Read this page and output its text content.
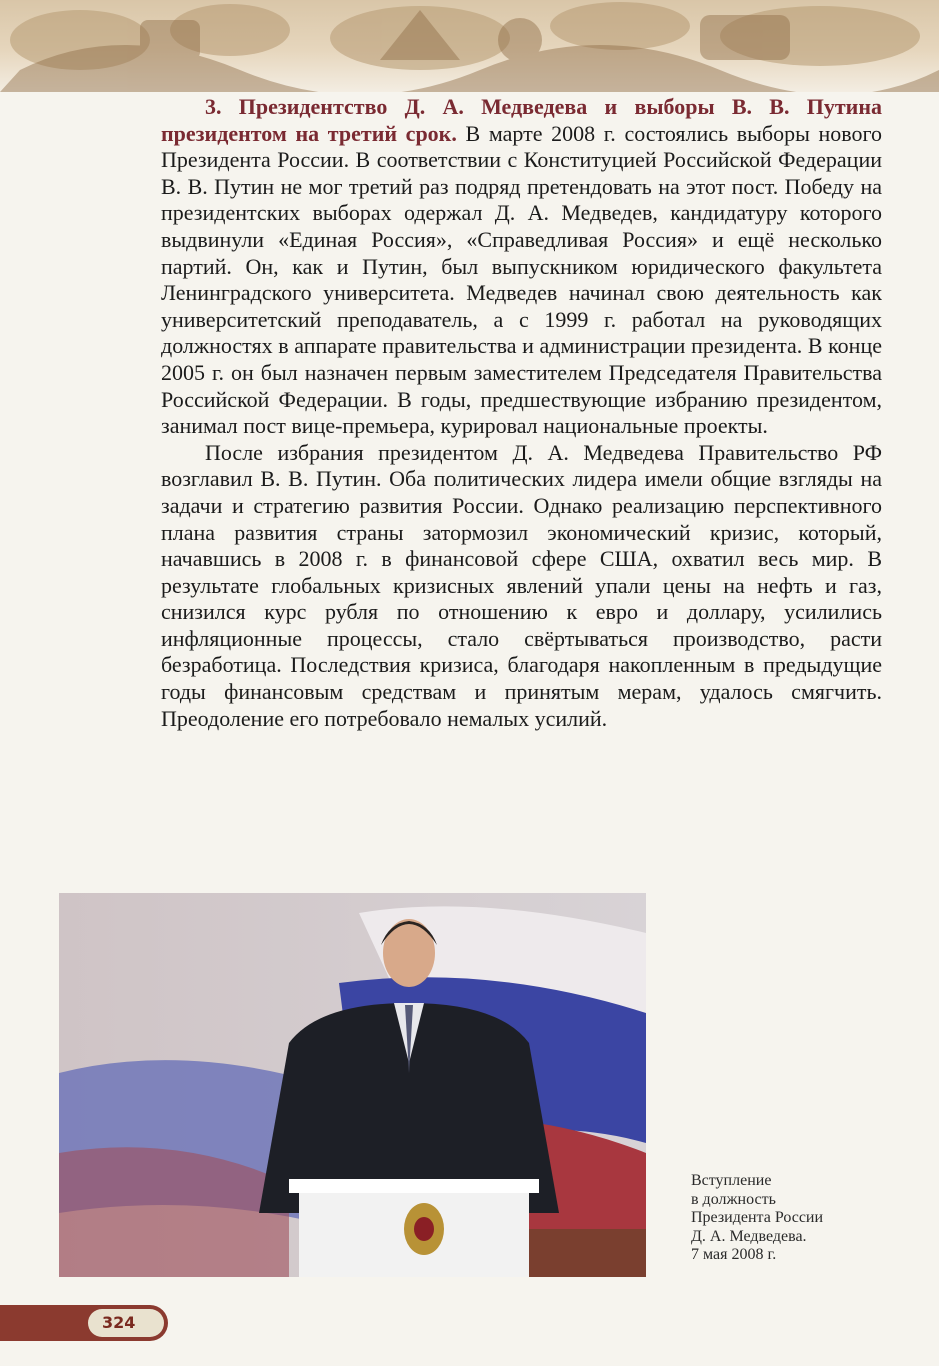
3. Президентство Д. А. Медведева и выборы В. В. Путина президентом на третий срок. В марте 2008 г. состоялись выборы нового Президента России. В соответствии с Конституцией Российской Федерации В. В. Путин не мог третий раз подряд претендовать на этот пост. Победу на президентских выборах одержал Д. А. Медведев, кандидатуру которого выдвинули «Единая Россия», «Справедливая Россия» и ещё несколько партий. Он, как и Путин, был выпускником юридического факультета Ленинградского университета. Медведев начинал свою деятельность как университетский преподаватель, а с 1999 г. работал на руководящих должностях в аппарате правительства и администрации президента. В конце 2005 г. он был назначен первым заместителем Председателя Правительства Российской Федерации. В годы, предшествующие избранию президентом, занимал пост вице-премьера, курировал национальные проекты.

После избрания президентом Д. А. Медведева Правительство РФ возглавил В. В. Путин. Оба политических лидера имели общие взгляды на задачи и стратегию развития России. Однако реализацию перспективного плана развития страны затормозил экономический кризис, который, начавшись в 2008 г. в финансовой сфере США, охватил весь мир. В результате глобальных кризисных явлений упали цены на нефть и газ, снизился курс рубля по отношению к евро и доллару, усилились инфляционные процессы, стало свёртываться производство, расти безработица. Последствия кризиса, благодаря накопленным в предыдущие годы финансовым средствам и принятым мерам, удалось смягчить. Преодоление его потребовало немалых усилий.

Вступление
в должность
Президента России
Д. А. Медведева.
7 мая 2008 г.
324
